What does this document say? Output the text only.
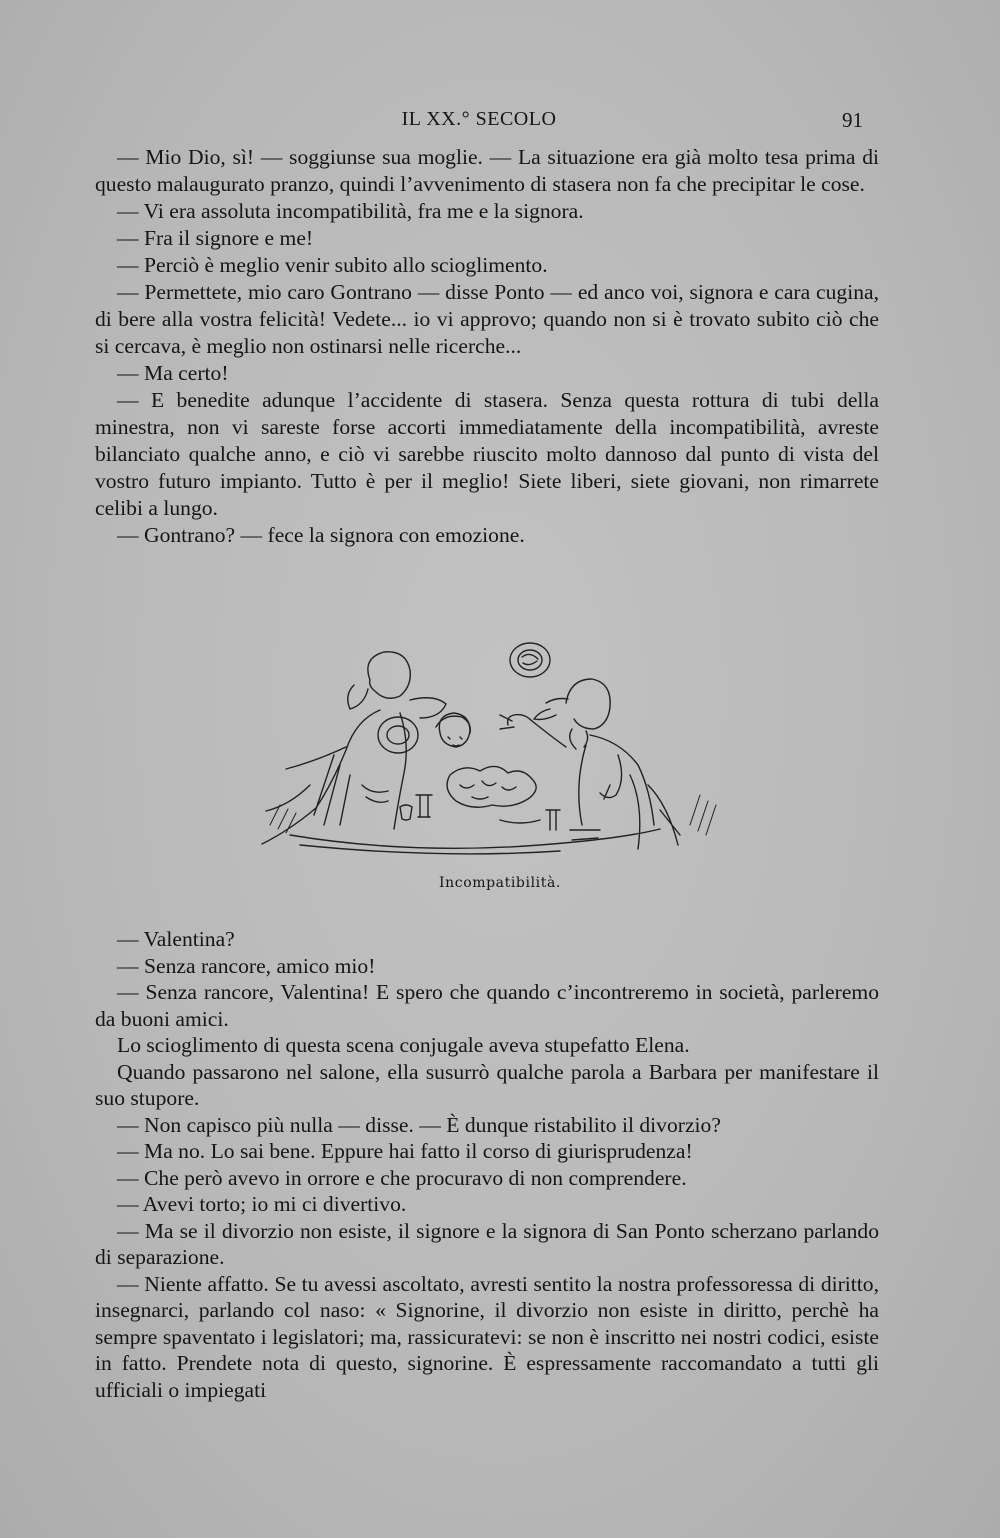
IL XX.° SECOLO	91

— Mio Dio, sì! — soggiunse sua moglie. — La situazione era già molto tesa prima di questo malaugurato pranzo, quindi l’avvenimento di stasera non fa che precipitar le cose.

— Vi era assoluta incompatibilità, fra me e la signora.

— Fra il signore e me!

— Perciò è meglio venir subito allo scioglimento.

— Permettete, mio caro Gontrano — disse Ponto — ed anco voi, signora e cara cugina, di bere alla vostra felicità! Vedete... io vi approvo; quando non si è trovato subito ciò che si cercava, è meglio non ostinarsi nelle ricerche...

— Ma certo!

— E benedite adunque l’accidente di stasera. Senza questa rottura di tubi della minestra, non vi sareste forse accorti immediatamente della incompatibilità, avreste bilanciato qualche anno, e ciò vi sarebbe riuscito molto dannoso dal punto di vista del vostro futuro impianto. Tutto è per il meglio! Siete liberi, siete giovani, non rimarrete celibi a lungo.

— Gontrano? — fece la signora con emozione.

Incompatibilità.

— Valentina?

— Senza rancore, amico mio!

— Senza rancore, Valentina! E spero che quando c’incontreremo in società, parleremo da buoni amici.

Lo scioglimento di questa scena conjugale aveva stupefatto Elena.

Quando passarono nel salone, ella susurrò qualche parola a Barbara per manifestare il suo stupore.

— Non capisco più nulla — disse. — È dunque ristabilito il divorzio?

— Ma no. Lo sai bene. Eppure hai fatto il corso di giurisprudenza!

— Che però avevo in orrore e che procuravo di non comprendere.

— Avevi torto; io mi ci divertivo.

— Ma se il divorzio non esiste, il signore e la signora di San Ponto scherzano parlando di separazione.

— Niente affatto. Se tu avessi ascoltato, avresti sentito la nostra professoressa di diritto, insegnarci, parlando col naso: « Signorine, il divorzio non esiste in diritto, perchè ha sempre spaventato i legislatori; ma, rassicuratevi: se non è inscritto nei nostri codici, esiste in fatto. Prendete nota di questo, signorine. È espressamente raccomandato a tutti gli ufficiali o impiegati
